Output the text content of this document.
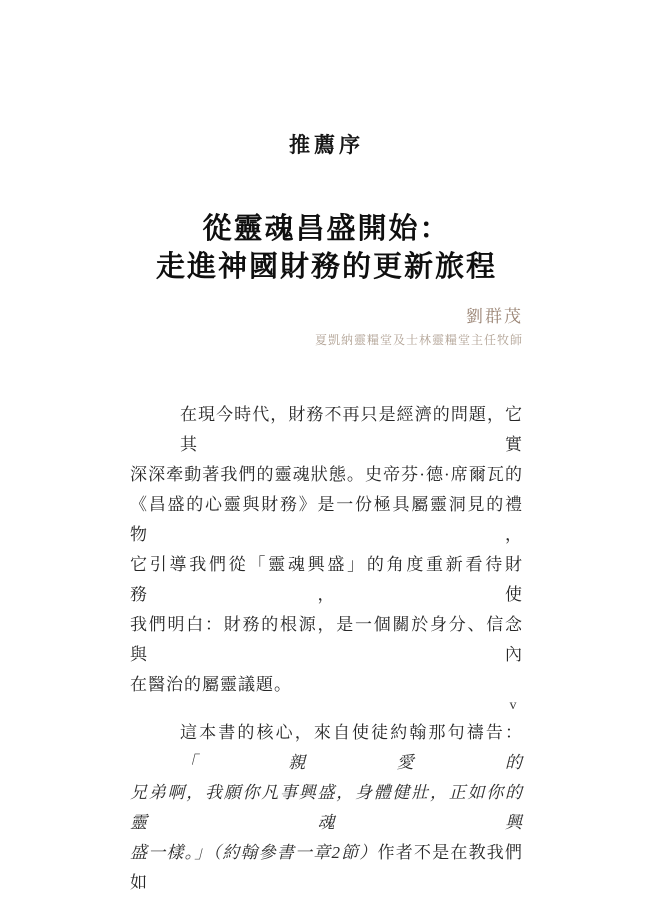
推薦序
從靈魂昌盛開始：
走進神國財務的更新旅程
劉群茂
夏凱納靈糧堂及士林靈糧堂主任牧師
在現今時代，財務不再只是經濟的問題，它其實
深深牽動著我們的靈魂狀態。史帝芬·德·席爾瓦的
《昌盛的心靈與財務》是一份極具屬靈洞見的禮物，
它引導我們從「靈魂興盛」的角度重新看待財務，使
我們明白：財務的根源，是一個關於身分、信念與內
在醫治的屬靈議題。
這本書的核心，來自使徒約翰那句禱告：「親愛的
兄弟啊，我願你凡事興盛，身體健壯，正如你的靈魂興
盛一樣。」（約翰參書一章2節）作者不是在教我們如
v
